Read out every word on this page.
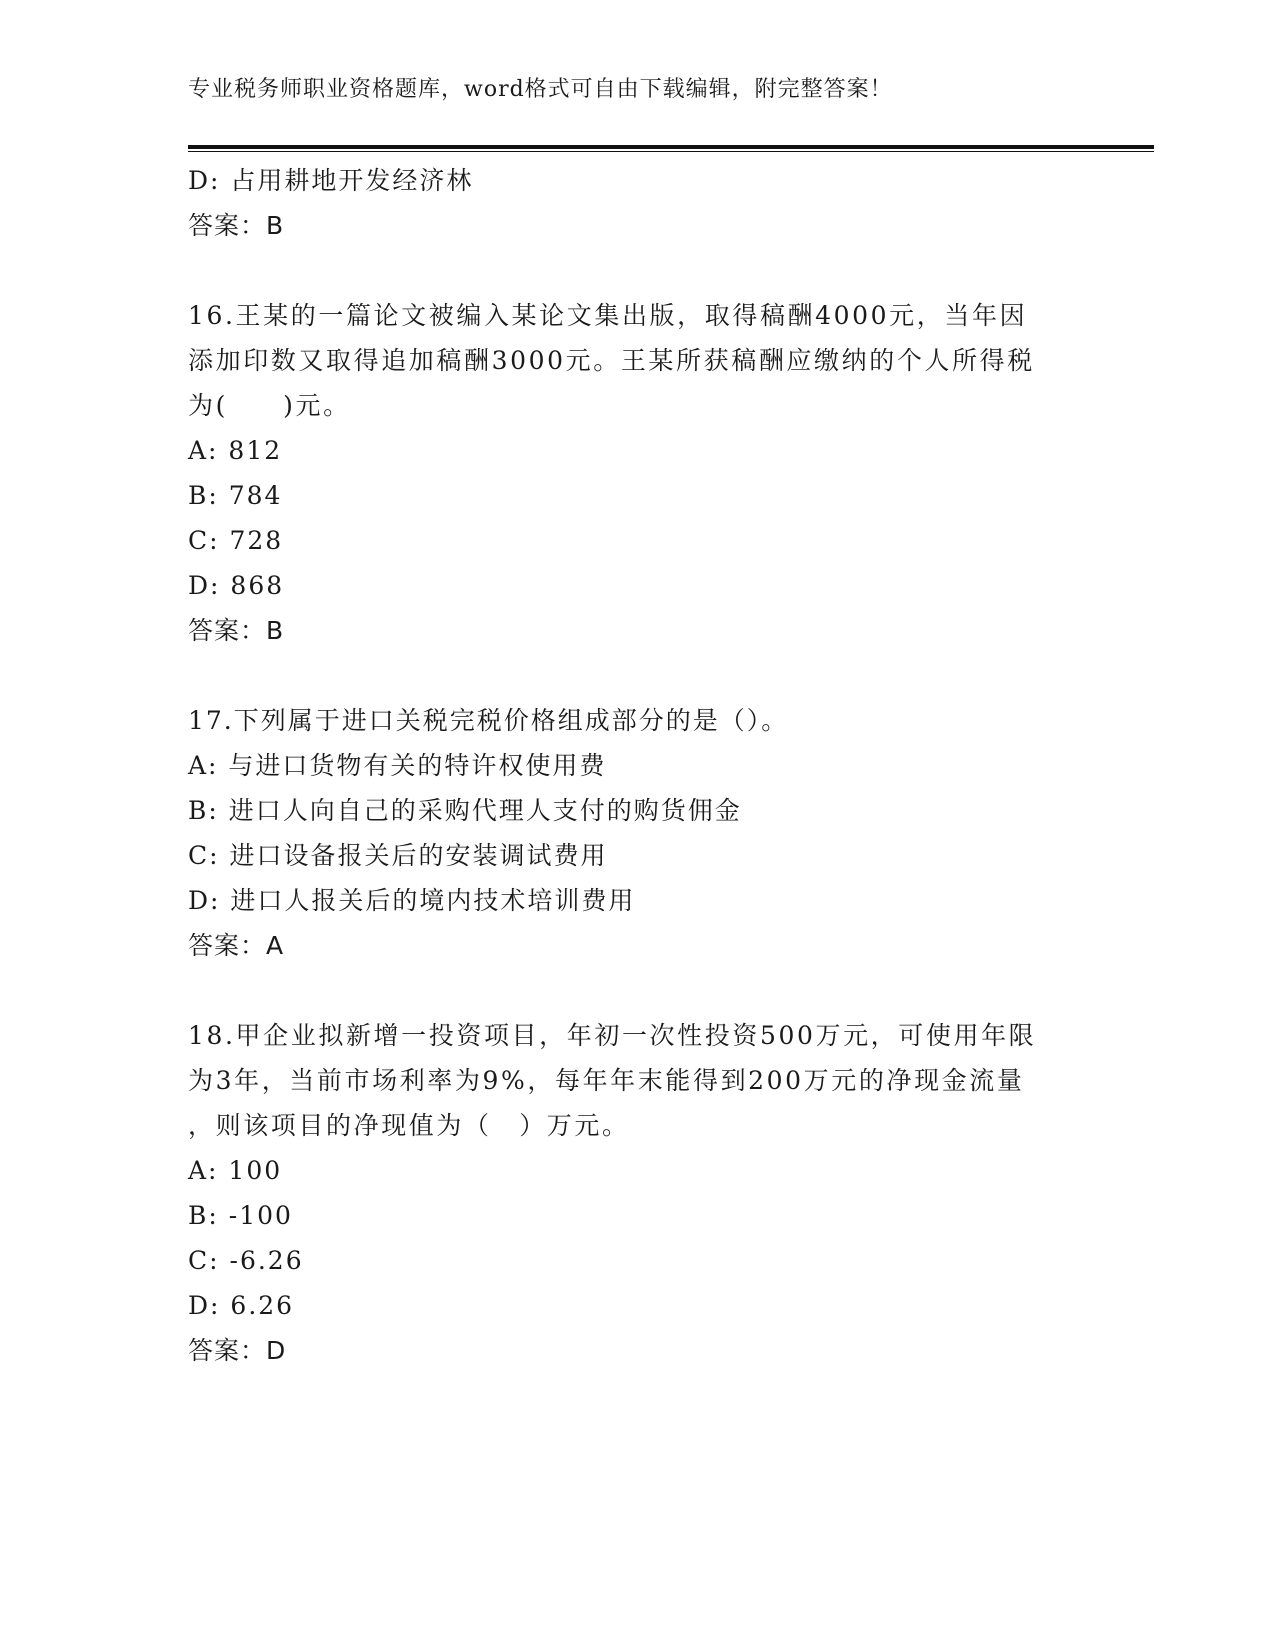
专业税务师职业资格题库，word格式可自由下载编辑，附完整答案！
D: 占用耕地开发经济林
答案：B
16.王某的一篇论文被编入某论文集出版，取得稿酬4000元，当年因
添加印数又取得追加稿酬3000元。王某所获稿酬应缴纳的个人所得税
为(　　)元。
A: 812
B: 784
C: 728
D: 868
答案：B
17.下列属于进口关税完税价格组成部分的是（）。
A: 与进口货物有关的特许权使用费
B: 进口人向自己的采购代理人支付的购货佣金
C: 进口设备报关后的安装调试费用
D: 进口人报关后的境内技术培训费用
答案：A
18.甲企业拟新增一投资项目，年初一次性投资500万元，可使用年限
为3年，当前市场利率为9%，每年年末能得到200万元的净现金流量
，则该项目的净现值为（　）万元。
A: 100
B: -100
C: -6.26
D: 6.26
答案：D
